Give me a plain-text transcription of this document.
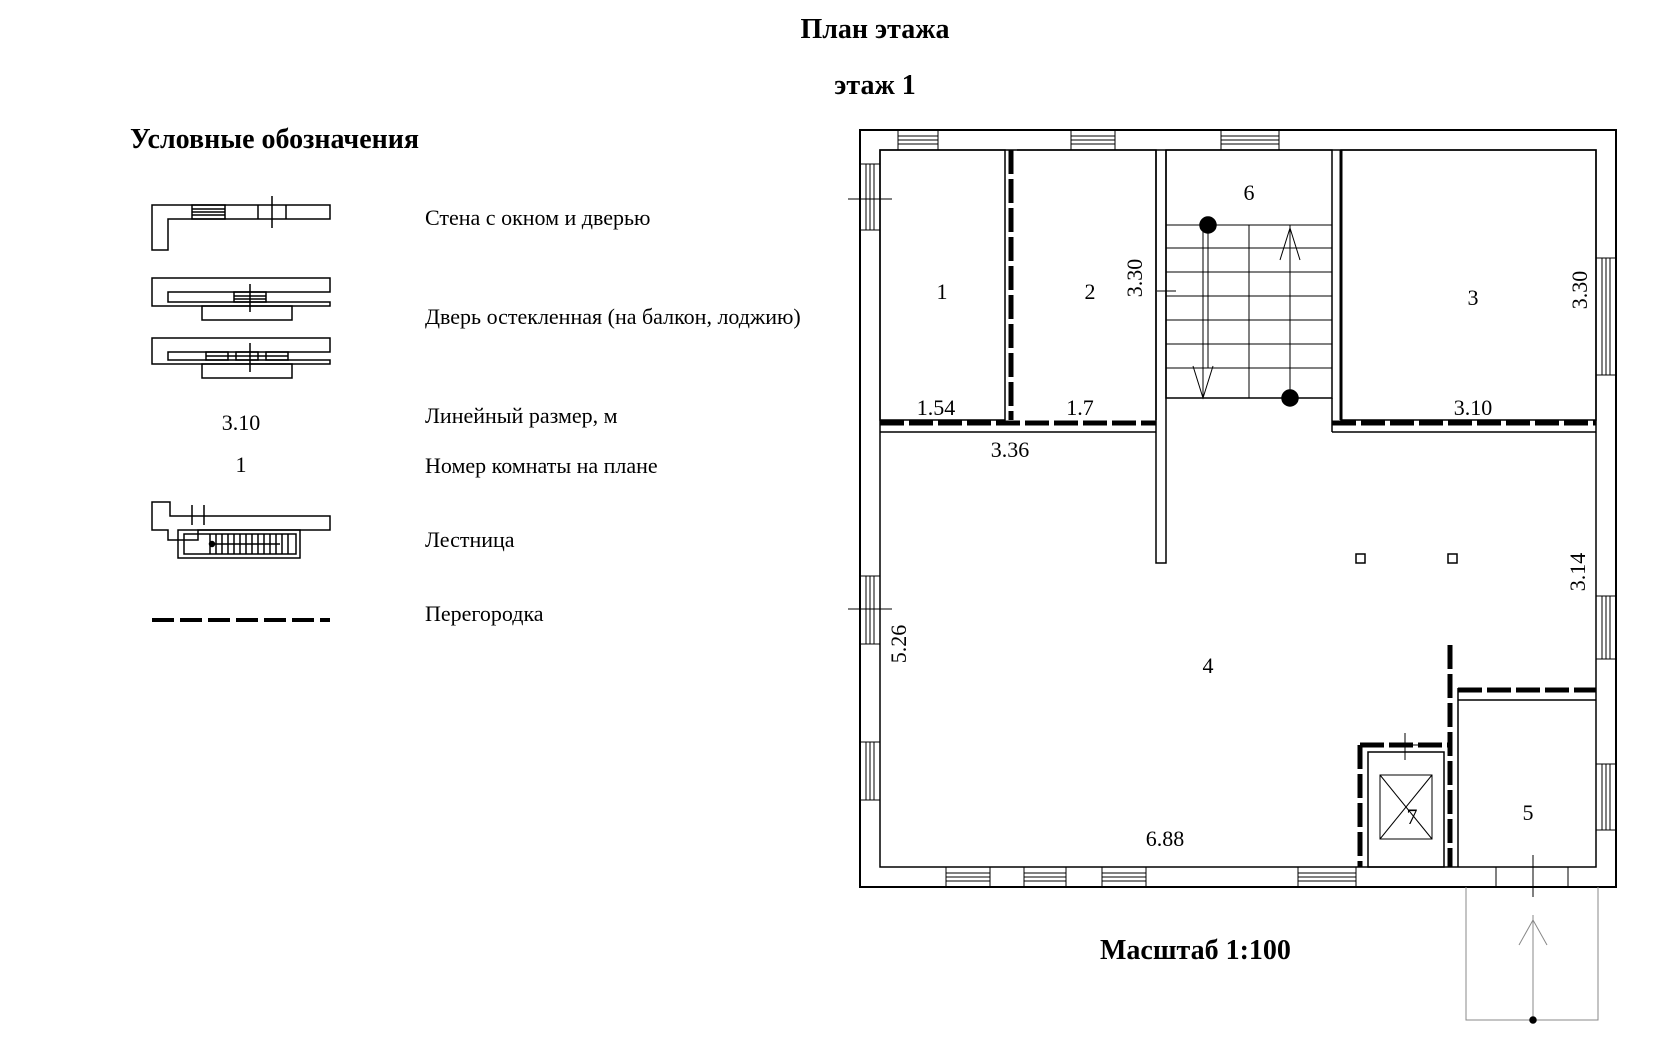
План этажа
этаж 1
Условные обозначения
Стена с окном и дверью
Дверь остекленная (на балкон, лоджию)
Линейный размер, м
Номер комнаты на плане
Лестница
Перегородка
3.10
1
Масштаб 1:100
1	2	3
4
5
6
7
1.54	1.7
3.36
3.10
6.88
3.30	3.30
3.14
5.26
